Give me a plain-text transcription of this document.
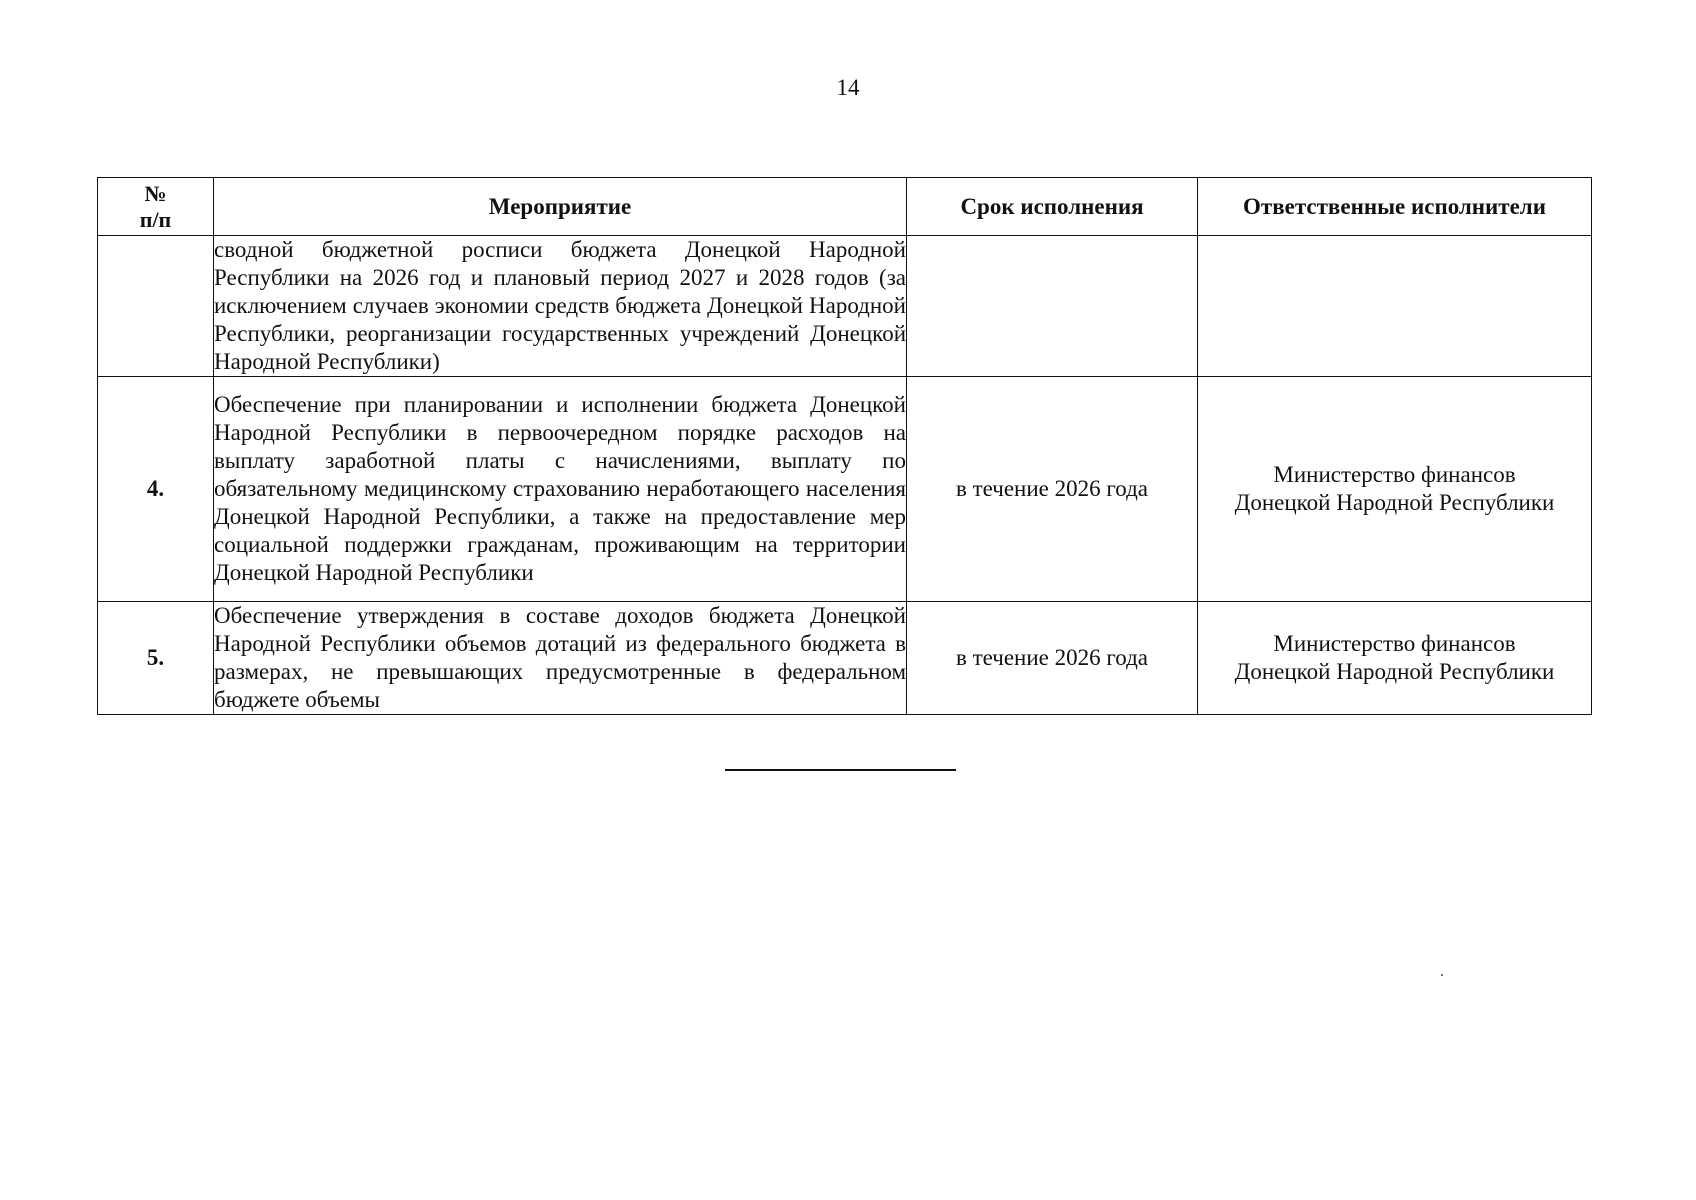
14
№
п/п	Мероприятие	Срок исполнения	Ответственные исполнители

	сводной бюджетной росписи бюджета Донецкой Народной Республики на 2026 год и плановый период 2027 и 2028 годов (за исключением случаев экономии средств бюджета Донецкой Народной Республики, реорганизации государственных учреждений Донецкой Народной Республики)		

4.	Обеспечение при планировании и исполнении бюджета Донецкой Народной Республики в первоочередном порядке расходов на выплату заработной платы с начислениями, выплату по обязательному медицинскому страхованию неработающего населения Донецкой Народной Республики, а также на предоставление мер социальной поддержки гражданам, проживающим на территории Донецкой Народной Республики	в течение 2026 года	Министерство финансов
Донецкой Народной Республики

5.	Обеспечение утверждения в составе доходов бюджета Донецкой Народной Республики объемов дотаций из федерального бюджета в размерах, не превышающих предусмотренные в федеральном бюджете объемы	в течение 2026 года	Министерство финансов
Донецкой Народной Республики
